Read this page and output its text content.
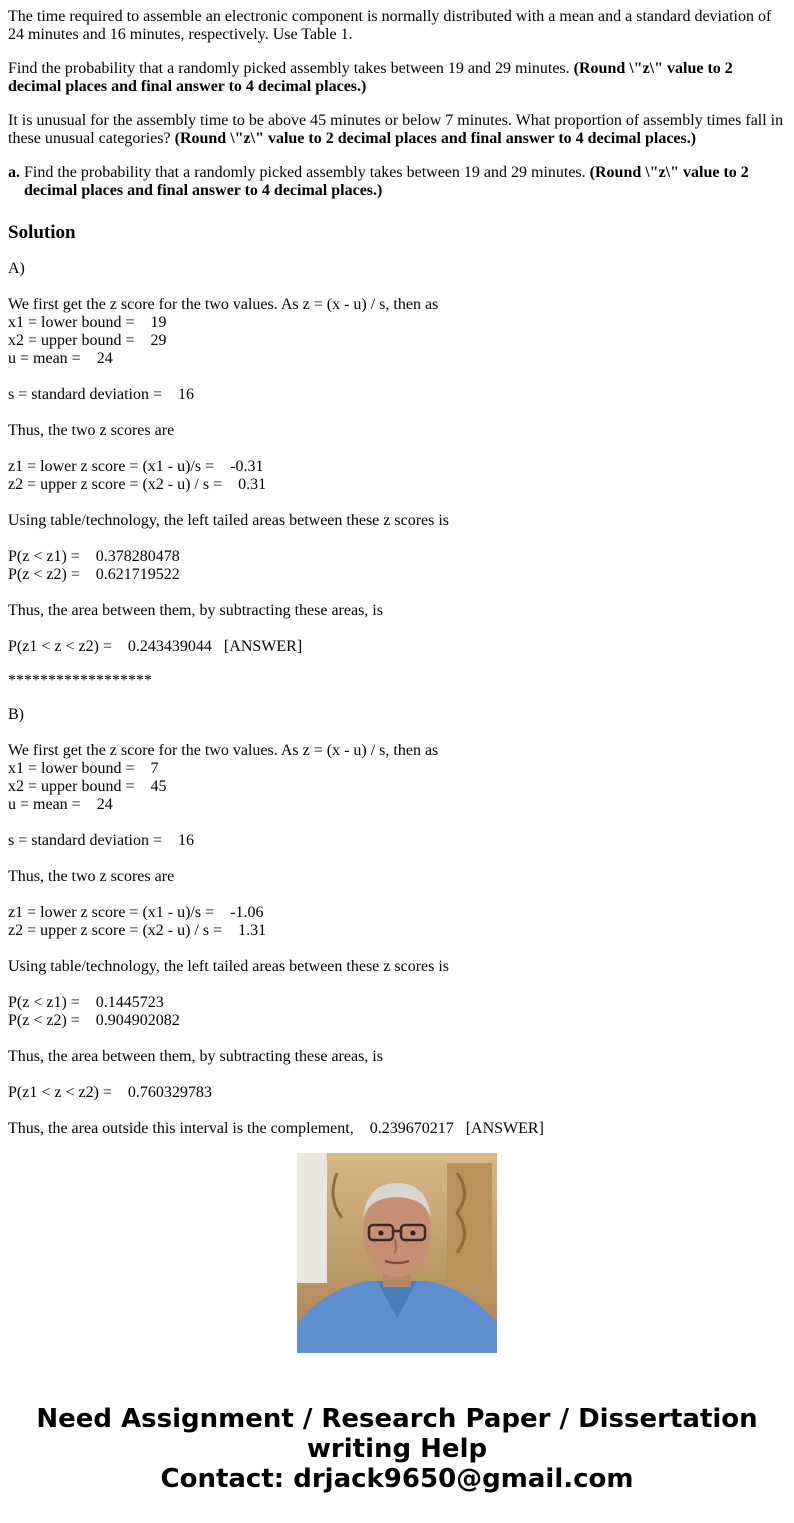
The time required to assemble an electronic component is normally distributed with a mean and a standard deviation of 24 minutes and 16 minutes, respectively. Use Table 1.

Find the probability that a randomly picked assembly takes between 19 and 29 minutes. (Round \"z\" value to 2 decimal places and final answer to 4 decimal places.)

It is unusual for the assembly time to be above 45 minutes or below 7 minutes. What proportion of assembly times fall in these unusual categories? (Round \"z\" value to 2 decimal places and final answer to 4 decimal places.)

a. Find the probability that a randomly picked assembly takes between 19 and 29 minutes. (Round \"z\" value to 2 decimal places and final answer to 4 decimal places.)
Solution
A)
We first get the z score for the two values. As z = (x - u) / s, then as
x1 = lower bound =    19
x2 = upper bound =    29
u = mean =    24
s = standard deviation =    16
Thus, the two z scores are
z1 = lower z score = (x1 - u)/s =    -0.31
z2 = upper z score = (x2 - u) / s =    0.31
Using table/technology, the left tailed areas between these z scores is
P(z < z1) =    0.378280478
P(z < z2) =    0.621719522
Thus, the area between them, by subtracting these areas, is
P(z1 < z < z2) =    0.243439044   [ANSWER]
******************
B)
We first get the z score for the two values. As z = (x - u) / s, then as
x1 = lower bound =    7
x2 = upper bound =    45
u = mean =    24
s = standard deviation =    16
Thus, the two z scores are
z1 = lower z score = (x1 - u)/s =    -1.06
z2 = upper z score = (x2 - u) / s =    1.31
Using table/technology, the left tailed areas between these z scores is
P(z < z1) =    0.1445723
P(z < z2) =    0.904902082
Thus, the area between them, by subtracting these areas, is
P(z1 < z < z2) =    0.760329783
Thus, the area outside this interval is the complement,    0.239670217   [ANSWER]
Need Assignment / Research Paper / Dissertation
writing Help
Contact: drjack9650@gmail.com
